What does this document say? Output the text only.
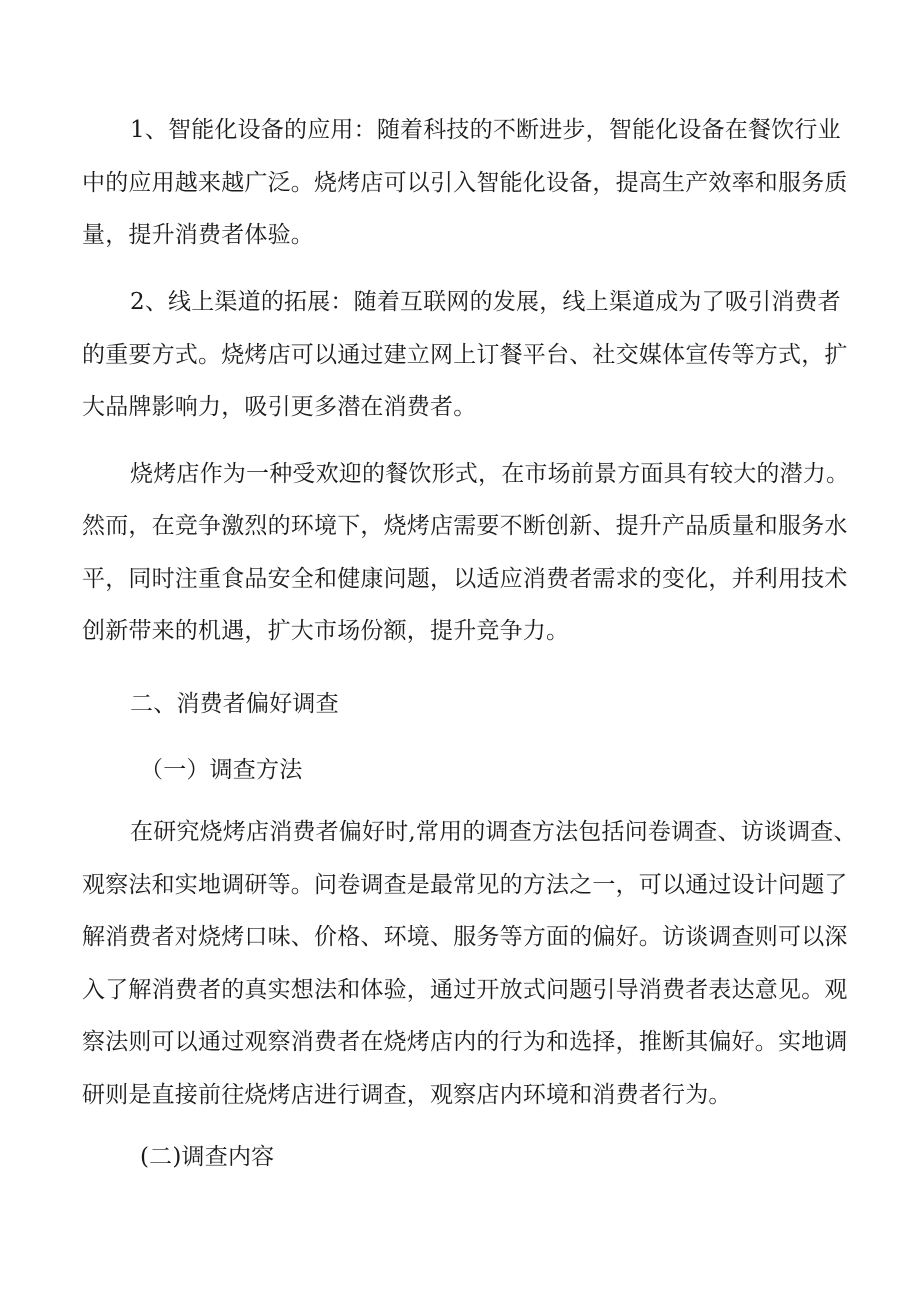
1、智能化设备的应用：随着科技的不断进步，智能化设备在餐饮行业
中的应用越来越广泛。烧烤店可以引入智能化设备，提高生产效率和服务质
量，提升消费者体验。
2、线上渠道的拓展：随着互联网的发展，线上渠道成为了吸引消费者
的重要方式。烧烤店可以通过建立网上订餐平台、社交媒体宣传等方式，扩
大品牌影响力，吸引更多潜在消费者。
烧烤店作为一种受欢迎的餐饮形式，在市场前景方面具有较大的潜力。
然而，在竞争激烈的环境下，烧烤店需要不断创新、提升产品质量和服务水
平，同时注重食品安全和健康问题，以适应消费者需求的变化，并利用技术
创新带来的机遇，扩大市场份额，提升竞争力。
二、消费者偏好调查
（一）调查方法
在研究烧烤店消费者偏好时,常用的调查方法包括问卷调查、访谈调查、
观察法和实地调研等。问卷调查是最常见的方法之一，可以通过设计问题了
解消费者对烧烤口味、价格、环境、服务等方面的偏好。访谈调查则可以深
入了解消费者的真实想法和体验，通过开放式问题引导消费者表达意见。观
察法则可以通过观察消费者在烧烤店内的行为和选择，推断其偏好。实地调
研则是直接前往烧烤店进行调查，观察店内环境和消费者行为。
(二)调查内容
